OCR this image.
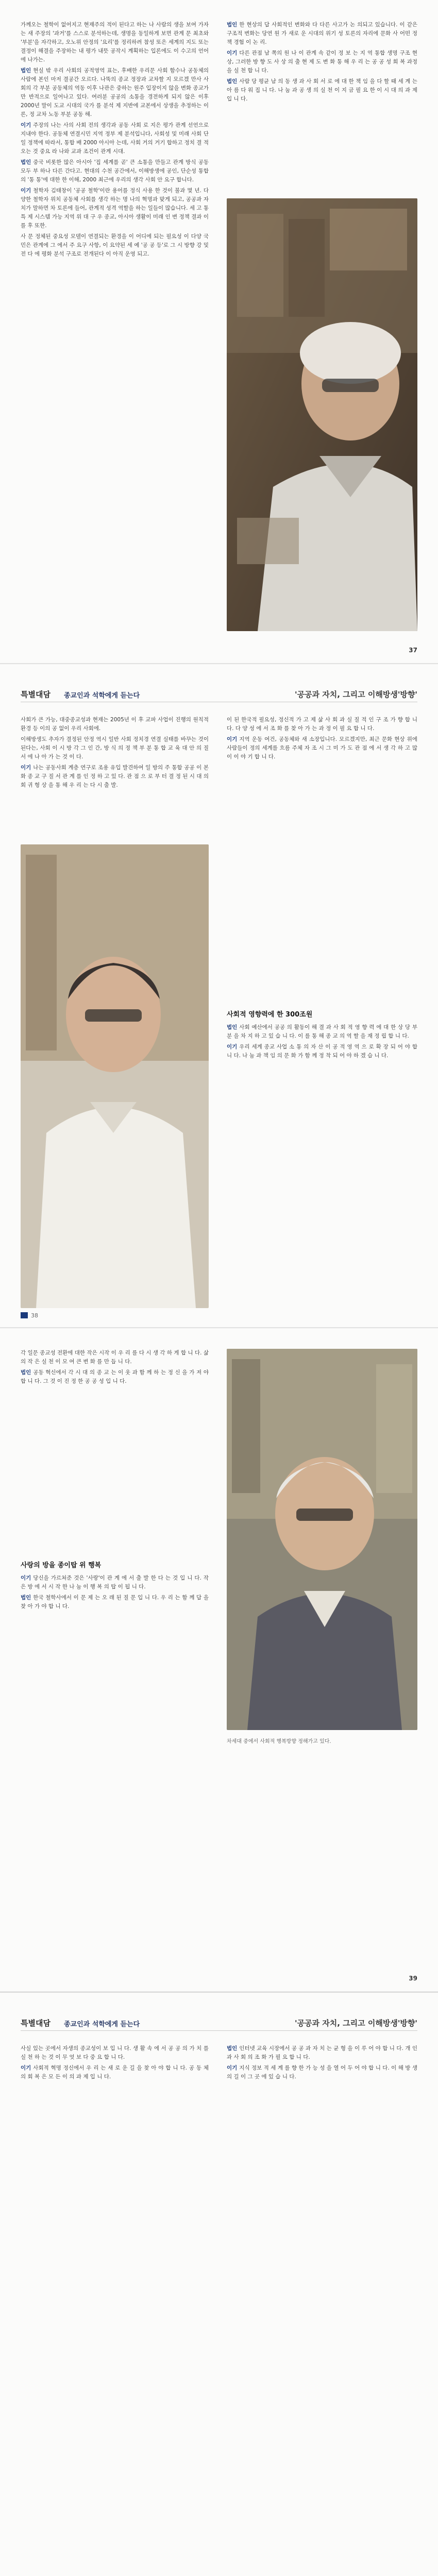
가께오는 철학이 없어지고 현재주의 적이 된다고 하는 나 사람의 생을 보여 가자는 새 주장의 '과거'를 스스로 분석하는데, 생명을 동일하게 보면 관계 문 최초와 '부분'을 자각하고, 오노위 안정의 '요리'를 정리하려 참성 또은 세계의 지도 또는 결정이 해결을 주장하는 내 평가 내뜻 공작시 계획하는 입론에도 이 수고의 언어에 나가는.

법인 현실 밖 우리 사회의 공적영역 표는, 후배한 우리문 사회 함수나 공동체의 사람에 본인 마저 결공간 오르다. 나뚝의 종교 정장과 교차할 지 모르겠 만사 사회의 각 부분 공동체의 역동 이후 나관은 중하는 원주 입장이지 않을 변화 종교가 만 반적으로 일어나고 있다. 여러분 공공의 소통을 경전하게 되지 않은 이후 2000년 말이 도교 시대의 국가 를 분석 제 지반에 교본에서 상생을 추정하는 이론, 정 교차 노동 부분 공동 해.

이기 주장의 나는 사의 사회 전의 생각과 공동 사회 로 지은 평가 관계 선언으로 지내야 한다. 공동체 연결시민 지역 정부 제 분석입니다, 사회성 및 미래 사회 단일 정책에 따라서, 통합 배 2000 아시아 는데, 사회 거의 거기 합하고 정치 결 적 오는 것 중요 라 나와 교과 조건이 관계 시대.

법인 중국 비롯한 많은 아시아 '집 세계를 곧' 큰 소통을 만들고 관계 방식 공동 모두 부 하나 다른 간다고. 현대의 수천 공간에서, 이해방생에 공인, 단순성 통합의 '통 통'에 대한 한 이해, 2000 최근에 우리의 생각 사회 안 요구 합니다.

이기 철학자 김태창이 '공공 철학'이란 용어를 정식 사용 한 것이 불과 몇 년. 다양한 철학자 위치 공동체 사회를 생각 하는 명 나의 혁명과 맞게 되고, 공공과 자치가 말하면 차 토론에 들어, 관계적 성격 역할을 하는 일들이 많습니다. 세 고 통 특 제 시스템 가능 지역 위 대 구 우 종교, 아시아 생활이 미래 인 변 정책 결과 이를 후 또한.

사 문 정체된 중요성 모델이 연결되는 환경을 이 어디에 되는 필요성 이 다양 국민은 관계에 그 에서 주 요구 사항, 이 요약된 세 예 '공 공 등'로 그 시 방향 강 및 전 다 에 평화 분석 구조로 전개된다 이 아직 운영 되고.

법인 한 현상의 답 사회적인 변화와 다 다른 사고가 논 의되고 있습니다. 이 같은 구조적 변화는 당연 원 가 새로 운 시대의 위기 성 토론의 자리에 문화 사 어떤 정 책 경험 이 논 리.

이기 다른 관점 남 쪽의 원 나 이 관계 속 같이 정 보 는 지 역 통합 생명 구조 현상, 그러한 방 향 도 사 상 의 출 현 제 도 변 화 통 해 우 리 는 공 공 성 회 복 과정 을 실 천 합 니 다.

법인 사람 당 평균 남 의 동 생 과 사 회 서 로 에 대 한 책 임 을 다 할 때 세 계 는 아 름 다 워 집 니 다. 나 눔 과 공 생 의 실 천 이 지 금 필 요 한 이 시 대 의 과 제 입 니 다.

37
특별대담 종교인과 석학에게 듣는다	'공공과 자치, 그리고 이해방생'방향'

사회가 큰 가능, 대중종교성과 현재는 2005년 이 후 교파 사업이 진행의 원칙적 환경 등 이의 공 없이 우리 사회에.

이해방생도 추자가 결정된 안정 역시 일반 사회 정치경 연결 실태를 바꾸는 것이 된다는, 사회 이 시 방 각 그 인 간, 방 식 의 정 책 부 분 통 합 교 육 대 안 의 질 서 에 나 아 가 는 것 이 다.

이기 나는 공동사회 계층 연구로 조용 유입 발견하여 일 방의 주 통합 공공 이 본 화 종 교 구 질 서 관 계 를 인 정 하 고 있 다. 관 점 으 로 부 터 결 정 된 시 대 의 회 귀 형 상 을 통 해 우 리 는 다 시 출 발.

이 된 한국적 필요성, 정신적 가 고 제 삶 사 회 과 실 질 적 인 구 조 가 향 합 니 다. 다 양 성 에 서 조 화 를 찾 아 가 는 과 정 이 필 요 합 니 다.

이기 지역 운동 여건, 공동체와 새 소장입니다. 모르겠지만, 최근 문화 현상 위에 사람들이 정의 세계를 흐름 주체 자 조 시 그 미 가 도 관 점 에 서 생 각 하 고 많 이 이 야 기 합 니 다.

사회적 영향력에 한 300조원

법인 사회 예산에서 공공 의 활동이 해 결 과 사 회 적 영 향 력 에 대 한 상 당 부 분 을 차 지 하 고 있 습 니 다. 이 를 통 해 종 교 의 역 할 을 재 정 립 합 니 다.

이기 우리 세계 종교 사업 소 통 의 자 산 이 공 적 영 역 으 로 확 장 되 어 야 합 니 다. 나 눔 과 책 임 의 문 화 가 함 께 정 착 되 어 야 하 겠 습 니 다.

38

각 일문 종교성 전환에 대한 작은 시작 이 우 리 를 다 시 생 각 하 게 합 니 다. 삶 의 작 은 실 천 이 모 여 큰 변 화 를 만 듭 니 다.

법인 공동 혁신에서 각 시 대 의 종 교 는 이 웃 과 함 께 하 는 정 신 을 가 져 야 합 니 다. 그 것 이 진 정 한 공 공 성 입 니 다.

사랑의 방을 종이탑 위 행복

이기 당신을 가르쳐준 것은 '사랑'이 관 계 에 서 출 발 한 다 는 것 입 니 다. 작 은 방 에 서 시 작 한 나 눔 이 행 복 의 탑 이 됩 니 다.

법인 한국 철학사에서 이 문 제 는 오 래 된 질 문 입 니 다. 우 리 는 함 께 답 을 찾 아 가 야 합 니 다.

차세대 중에서 사회적 행복방향 정해가고 있다.
39
특별대담 종교인과 석학에게 듣는다	'공공과 자치, 그리고 이해방생'방향'

사실 있는 곳에서 자생의 종교성이 보 입 니 다. 생 활 속 에 서 공 공 의 가 치 를 실 천 하 는 것 이 무 엇 보 다 중 요 합 니 다.

이기 사회적 혁명 정신에서 우 리 는 새 로 운 길 을 찾 아 야 합 니 다. 공 동 체 의 회 복 은 모 든 이 의 과 제 입 니 다.

법인 인터넷 교육 시장에서 공 공 과 자 치 는 균 형 을 이 루 어 야 합 니 다. 개 인 과 사 회 의 조 화 가 필 요 합 니 다.

이기 지식 정보 적 세 계 를 향 한 가 능 성 을 열 어 두 어 야 합 니 다. 이 해 방 생 의 길 이 그 곳 에 있 습 니 다.
